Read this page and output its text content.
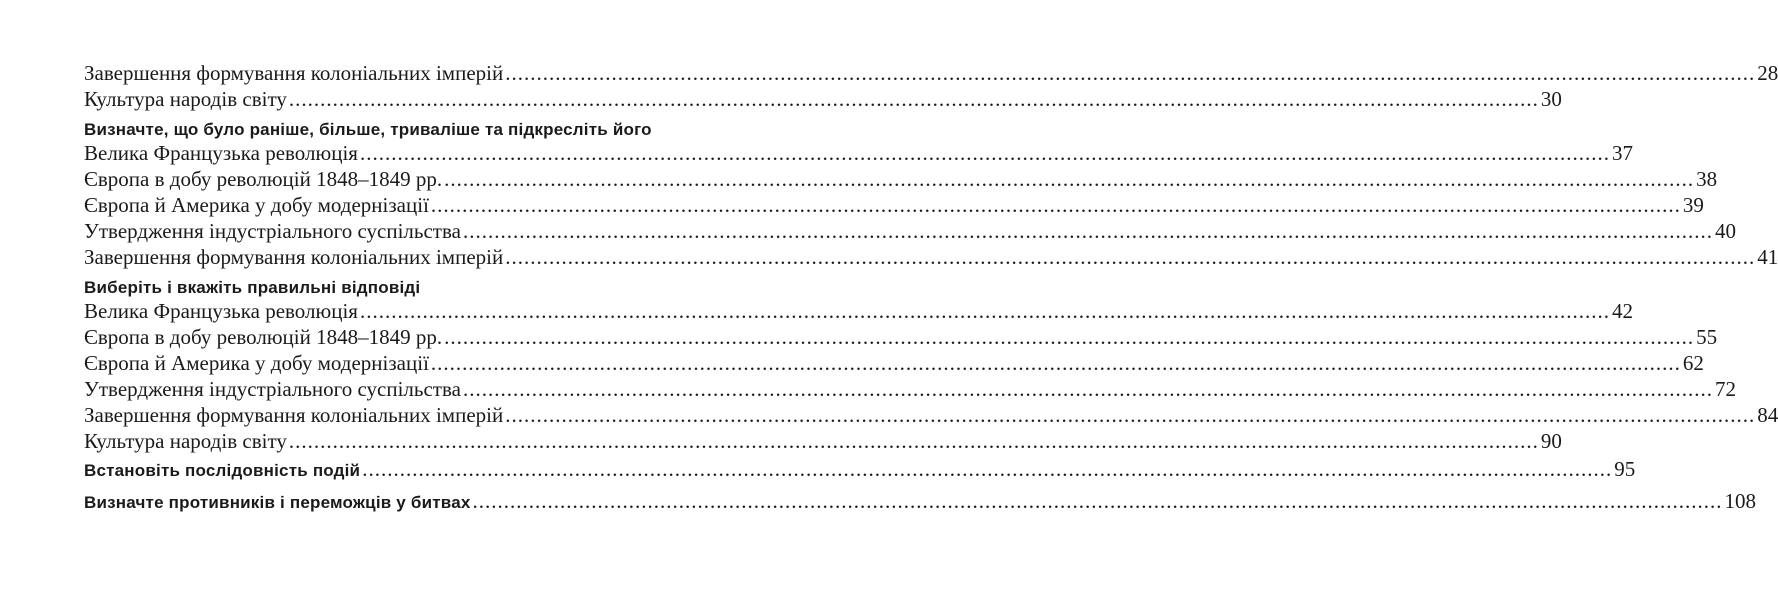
Завершення формування колоніальних імперій ........................................................................................................................................................................................................ 28
Культура народів світу ........................................................................................................................................................................................................ 30
Визначте, що було раніше, більше, триваліше та підкресліть його
Велика Французька революція ........................................................................................................................................................................................................ 37
Європа в добу революцій 1848–1849 рр. ........................................................................................................................................................................................................ 38
Європа й Америка у добу модернізації ........................................................................................................................................................................................................ 39
Утвердження індустріального суспільства ........................................................................................................................................................................................................ 40
Завершення формування колоніальних імперій ........................................................................................................................................................................................................ 41
Виберіть і вкажіть правильні відповіді
Велика Французька революція ........................................................................................................................................................................................................ 42
Європа в добу революцій 1848–1849 рр. ........................................................................................................................................................................................................ 55
Європа й Америка у добу модернізації ........................................................................................................................................................................................................ 62
Утвердження індустріального суспільства ........................................................................................................................................................................................................ 72
Завершення формування колоніальних імперій ........................................................................................................................................................................................................ 84
Культура народів світу ........................................................................................................................................................................................................ 90
Встановіть послідовність подій ........................................................................................................................................................................................................ 95
Визначте противників і переможців у битвах ........................................................................................................................................................................................................ 108
